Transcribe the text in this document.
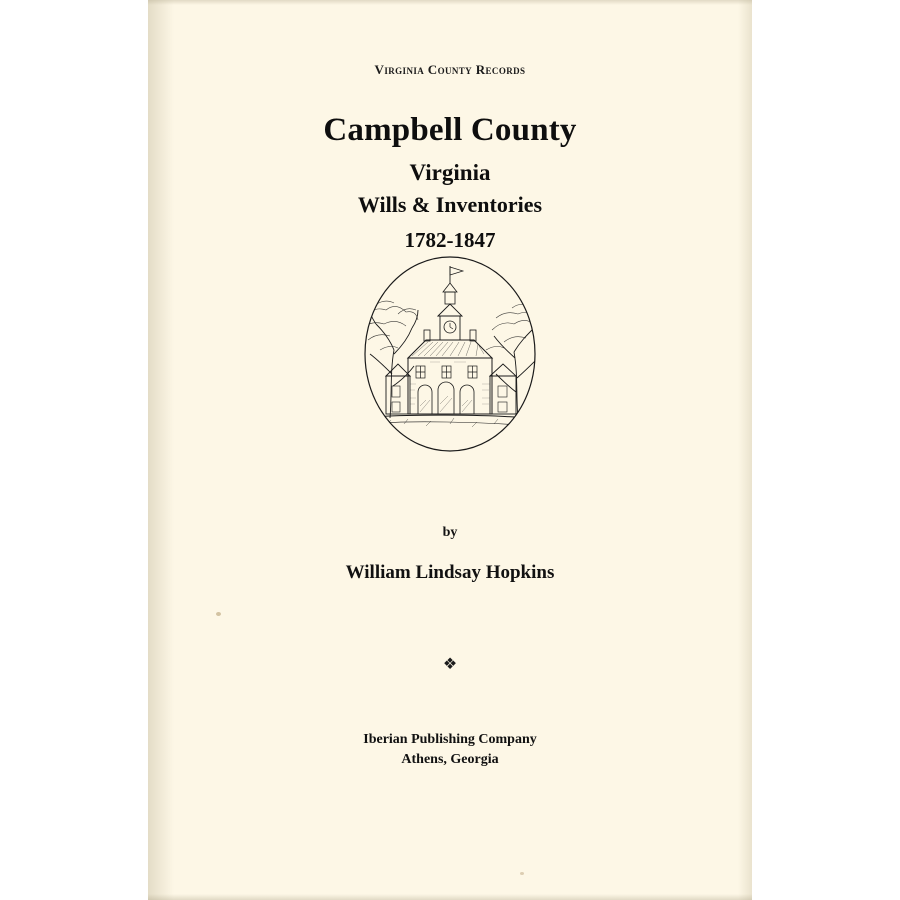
Virginia County Records
Campbell County
Virginia
Wills & Inventories
1782-1847
by
William Lindsay Hopkins
❖
Iberian Publishing Company
Athens, Georgia
